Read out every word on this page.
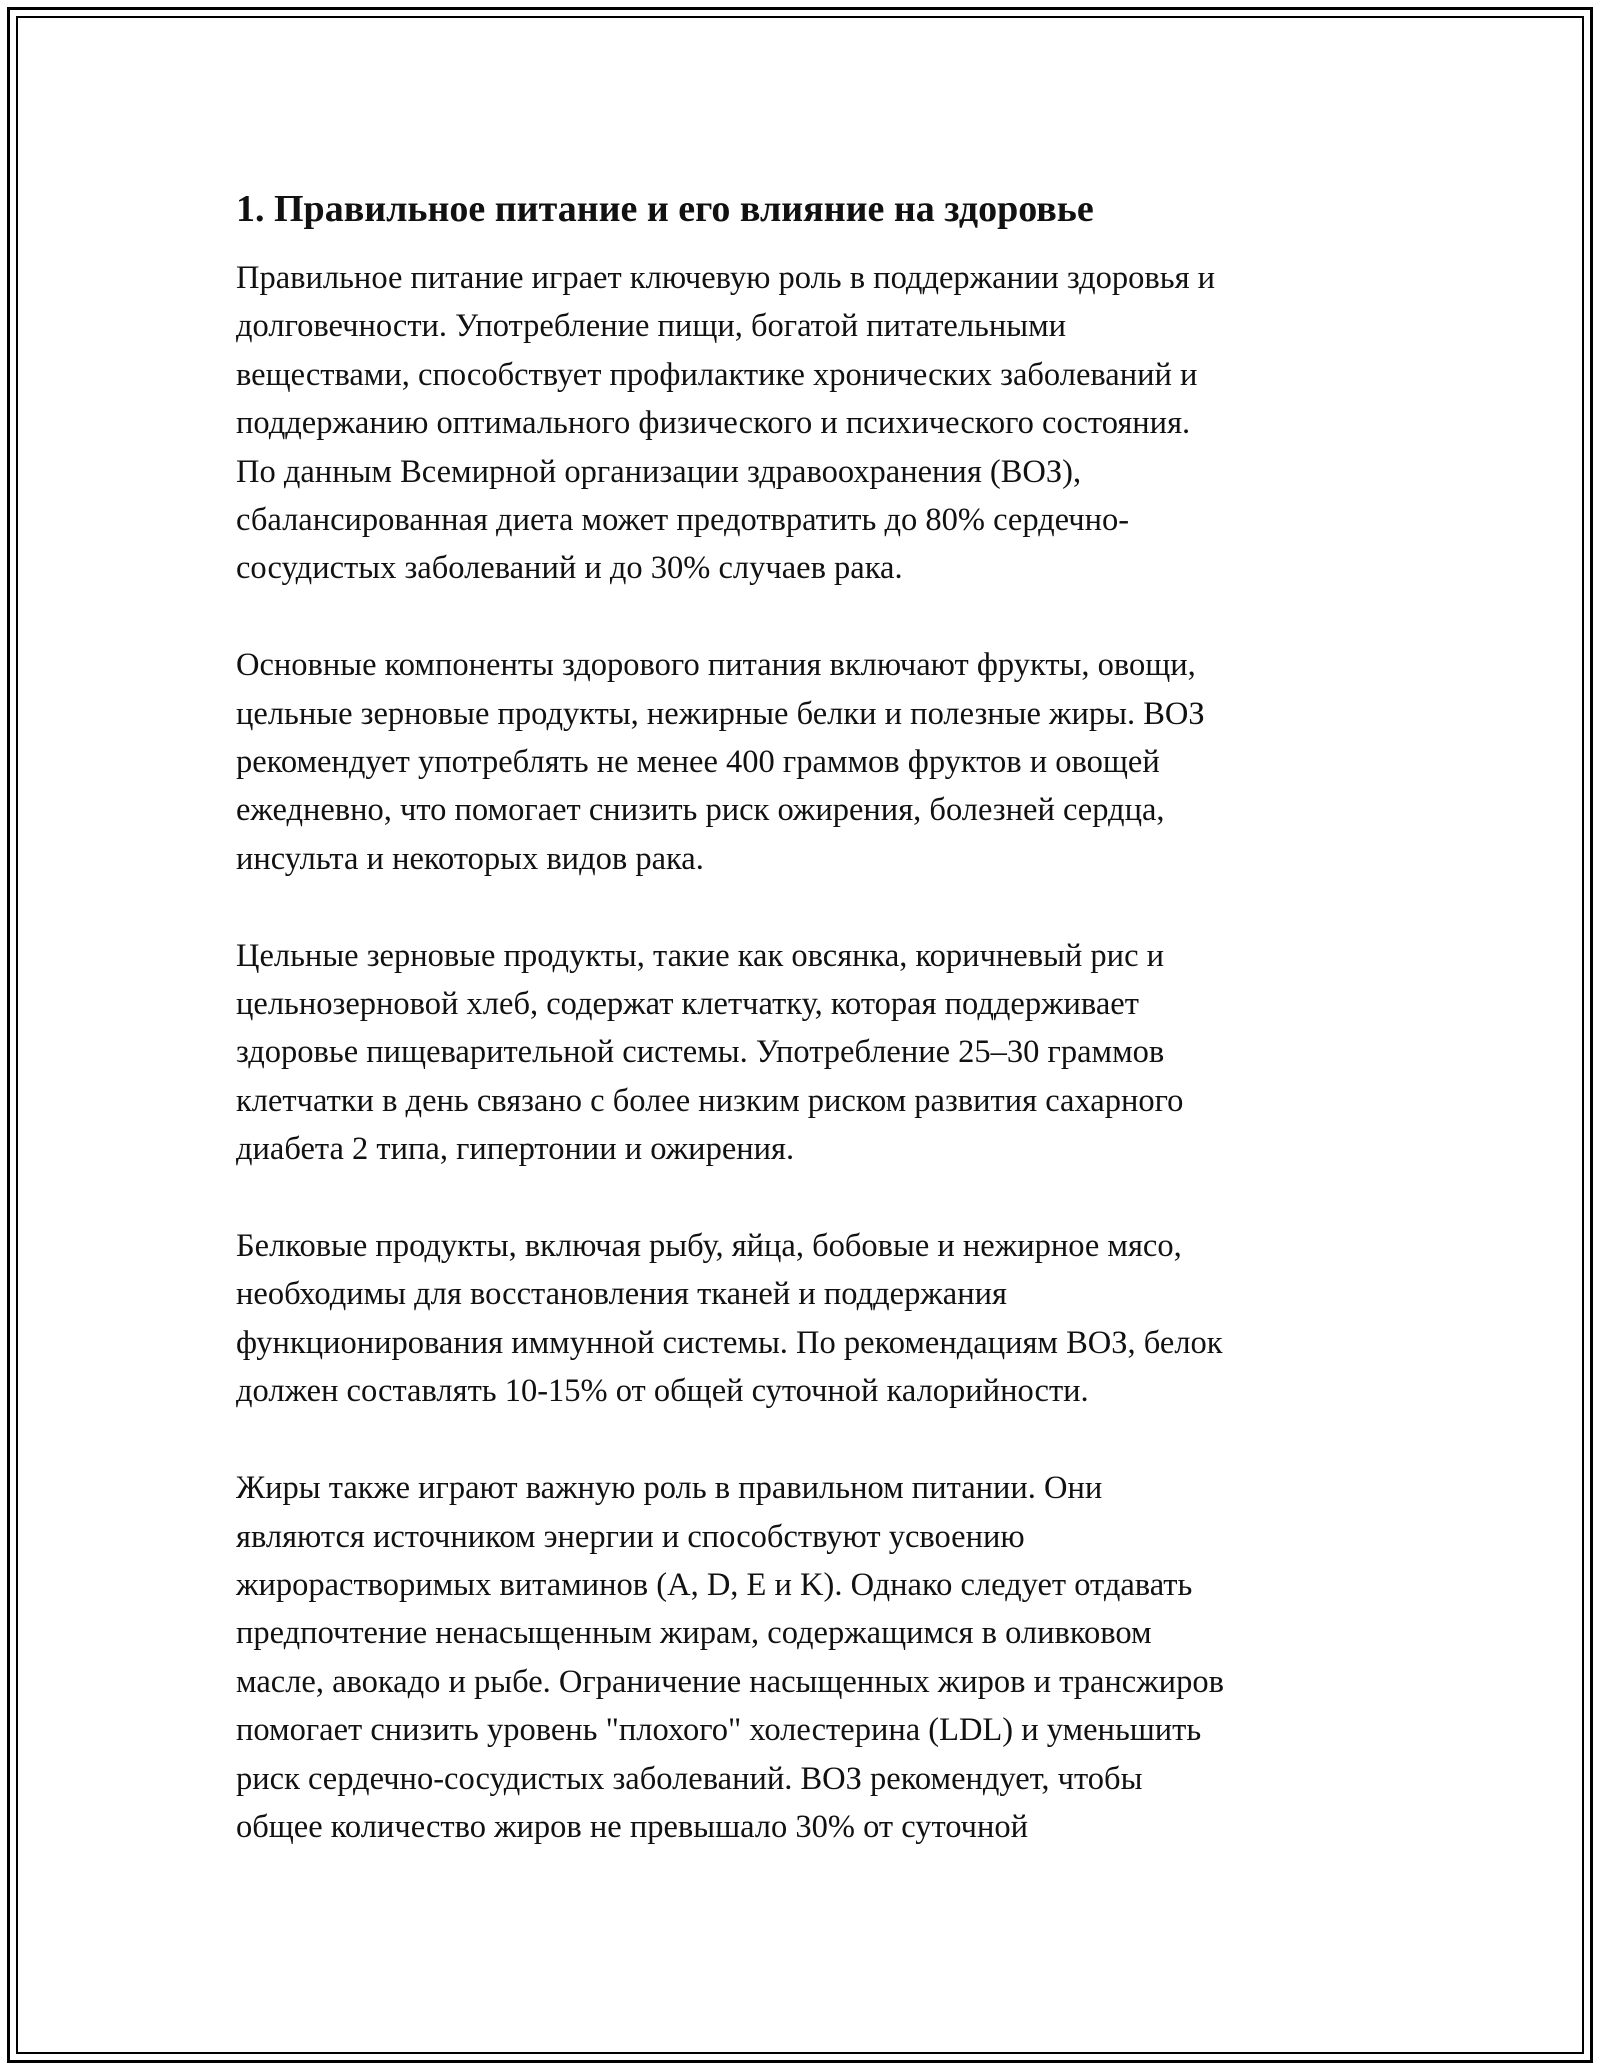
1. Правильное питание и его влияние на здоровье

Правильное питание играет ключевую роль в поддержании здоровья и
долговечности. Употребление пищи, богатой питательными
веществами, способствует профилактике хронических заболеваний и
поддержанию оптимального физического и психического состояния.
По данным Всемирной организации здравоохранения (ВОЗ),
сбалансированная диета может предотвратить до 80% сердечно-
сосудистых заболеваний и до 30% случаев рака.

Основные компоненты здорового питания включают фрукты, овощи,
цельные зерновые продукты, нежирные белки и полезные жиры. ВОЗ
рекомендует употреблять не менее 400 граммов фруктов и овощей
ежедневно, что помогает снизить риск ожирения, болезней сердца,
инсульта и некоторых видов рака.

Цельные зерновые продукты, такие как овсянка, коричневый рис и
цельнозерновой хлеб, содержат клетчатку, которая поддерживает
здоровье пищеварительной системы. Употребление 25–30 граммов
клетчатки в день связано с более низким риском развития сахарного
диабета 2 типа, гипертонии и ожирения.

Белковые продукты, включая рыбу, яйца, бобовые и нежирное мясо,
необходимы для восстановления тканей и поддержания
функционирования иммунной системы. По рекомендациям ВОЗ, белок
должен составлять 10-15% от общей суточной калорийности.

Жиры также играют важную роль в правильном питании. Они
являются источником энергии и способствуют усвоению
жирорастворимых витаминов (A, D, E и K). Однако следует отдавать
предпочтение ненасыщенным жирам, содержащимся в оливковом
масле, авокадо и рыбе. Ограничение насыщенных жиров и трансжиров
помогает снизить уровень "плохого" холестерина (LDL) и уменьшить
риск сердечно-сосудистых заболеваний. ВОЗ рекомендует, чтобы
общее количество жиров не превышало 30% от суточной
